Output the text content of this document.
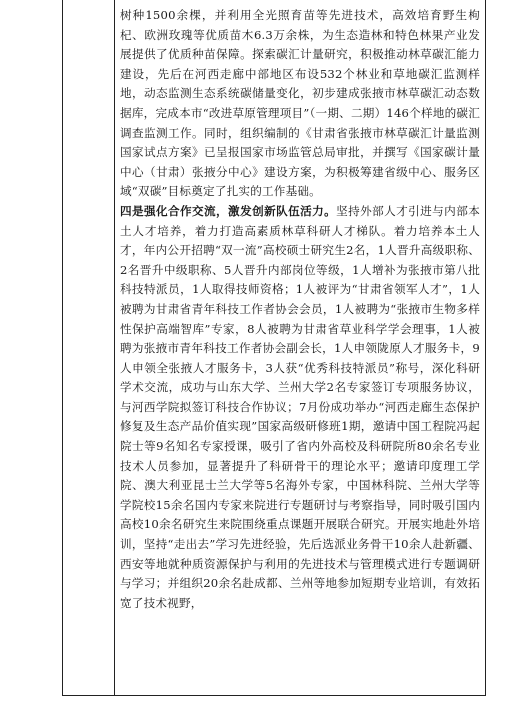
树种1500余棵，并利用全光照育苗等先进技术，高效培育野生枸杞、欧洲玫瑰等优质苗木6.3万余株，为生态造林和特色林果产业发展提供了优质种苗保障。探索碳汇计量研究，积极推动林草碳汇能力建设，先后在河西走廊中部地区布设532个林业和草地碳汇监测样地，动态监测生态系统碳储量变化，初步建成张掖市林草碳汇动态数据库，完成本市“改进草原管理项目”（一期、二期）146个样地的碳汇调查监测工作。同时，组织编制的《甘肃省张掖市林草碳汇计量监测国家试点方案》已呈报国家市场监管总局审批，并撰写《国家碳计量中心（甘肃）张掖分中心》建设方案，为积极筹建省级中心、服务区域“双碳”目标奠定了扎实的工作基础。

四是强化合作交流，激发创新队伍活力。坚持外部人才引进与内部本土人才培养，着力打造高素质林草科研人才梯队。着力培养本土人才，年内公开招聘“双一流”高校硕士研究生2名，1人晋升高级职称、2名晋升中级职称、5人晋升内部岗位等级，1人增补为张掖市第八批科技特派员，1人取得技师资格；1人被评为“甘肃省领军人才”，1人被聘为甘肃省青年科技工作者协会会员，1人被聘为“张掖市生物多样性保护高端智库”专家，8人被聘为甘肃省草业科学学会理事，1人被聘为张掖市青年科技工作者协会副会长，1人申领陇原人才服务卡，9人申领全张掖人才服务卡，3人获“优秀科技特派员”称号，深化科研学术交流，成功与山东大学、兰州大学2名专家签订专项服务协议，与河西学院拟签订科技合作协议；7月份成功举办“河西走廊生态保护修复及生态产品价值实现”国家高级研修班1期，邀请中国工程院冯起院士等9名知名专家授课，吸引了省内外高校及科研院所80余名专业技术人员参加，显著提升了科研骨干的理论水平；邀请印度理工学院、澳大利亚昆士兰大学等5名海外专家，中国林科院、兰州大学等学院校15余名国内专家来院进行专题研讨与考察指导，同时吸引国内高校10余名研究生来院围绕重点课题开展联合研究。开展实地赴外培训，坚持“走出去”学习先进经验，先后选派业务骨干10余人赴新疆、西安等地就种质资源保护与利用的先进技术与管理模式进行专题调研与学习；并组织20余名赴成都、兰州等地参加短期专业培训，有效拓宽了技术视野，
